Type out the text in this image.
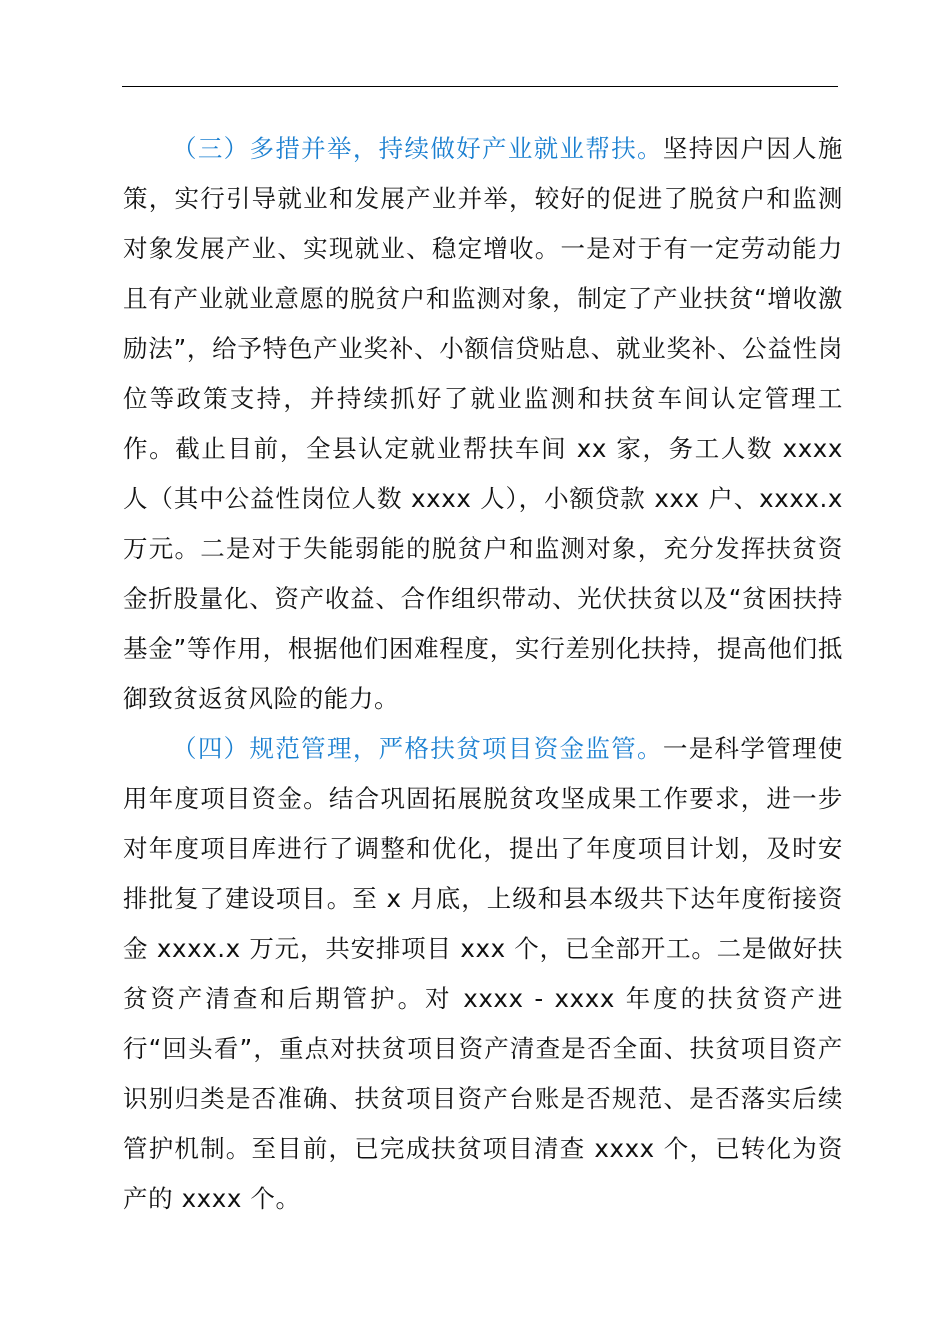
（三）多措并举，持续做好产业就业帮扶。坚持因户因人施策，实行引导就业和发展产业并举，较好的促进了脱贫户和监测对象发展产业、实现就业、稳定增收。一是对于有一定劳动能力且有产业就业意愿的脱贫户和监测对象，制定了产业扶贫“增收激励法”，给予特色产业奖补、小额信贷贴息、就业奖补、公益性岗位等政策支持，并持续抓好了就业监测和扶贫车间认定管理工作。截止目前，全县认定就业帮扶车间 xx 家，务工人数 xxxx 人（其中公益性岗位人数 xxxx 人），小额贷款 xxx 户、xxxx.x 万元。二是对于失能弱能的脱贫户和监测对象，充分发挥扶贫资金折股量化、资产收益、合作组织带动、光伏扶贫以及“贫困扶持基金”等作用，根据他们困难程度，实行差别化扶持，提高他们抵御致贫返贫风险的能力。

（四）规范管理，严格扶贫项目资金监管。一是科学管理使用年度项目资金。结合巩固拓展脱贫攻坚成果工作要求，进一步对年度项目库进行了调整和优化，提出了年度项目计划，及时安排批复了建设项目。至 x 月底，上级和县本级共下达年度衔接资金 xxxx.x 万元，共安排项目 xxx 个，已全部开工。二是做好扶贫资产清查和后期管护。对 xxxx - xxxx 年度的扶贫资产进行“回头看”，重点对扶贫项目资产清查是否全面、扶贫项目资产识别归类是否准确、扶贫项目资产台账是否规范、是否落实后续管护机制。至目前，已完成扶贫项目清查 xxxx 个，已转化为资产的 xxxx 个。
